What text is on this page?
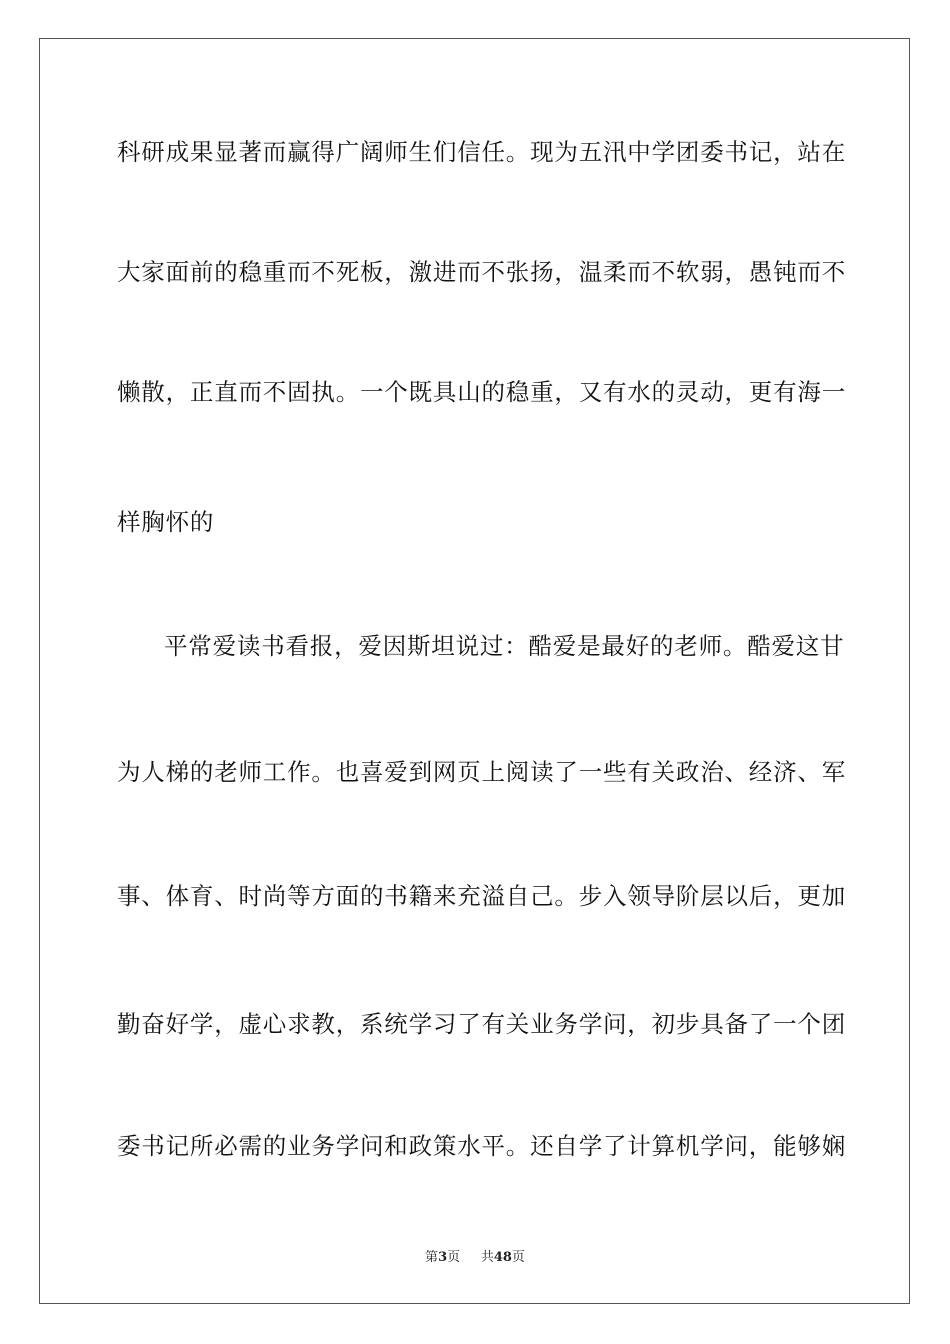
科研成果显著而赢得广阔师生们信任。现为五汛中学团委书记，站在
大家面前的稳重而不死板，激进而不张扬，温柔而不软弱，愚钝而不
懒散，正直而不固执。一个既具山的稳重，又有水的灵动，更有海一
样胸怀的
平常爱读书看报，爱因斯坦说过：酷爱是最好的老师。酷爱这甘
为人梯的老师工作。也喜爱到网页上阅读了一些有关政治、经济、军
事、体育、时尚等方面的书籍来充溢自己。步入领导阶层以后，更加
勤奋好学，虚心求教，系统学习了有关业务学问，初步具备了一个团
委书记所必需的业务学问和政策水平。还自学了计算机学问，能够娴
第3页 共48页
